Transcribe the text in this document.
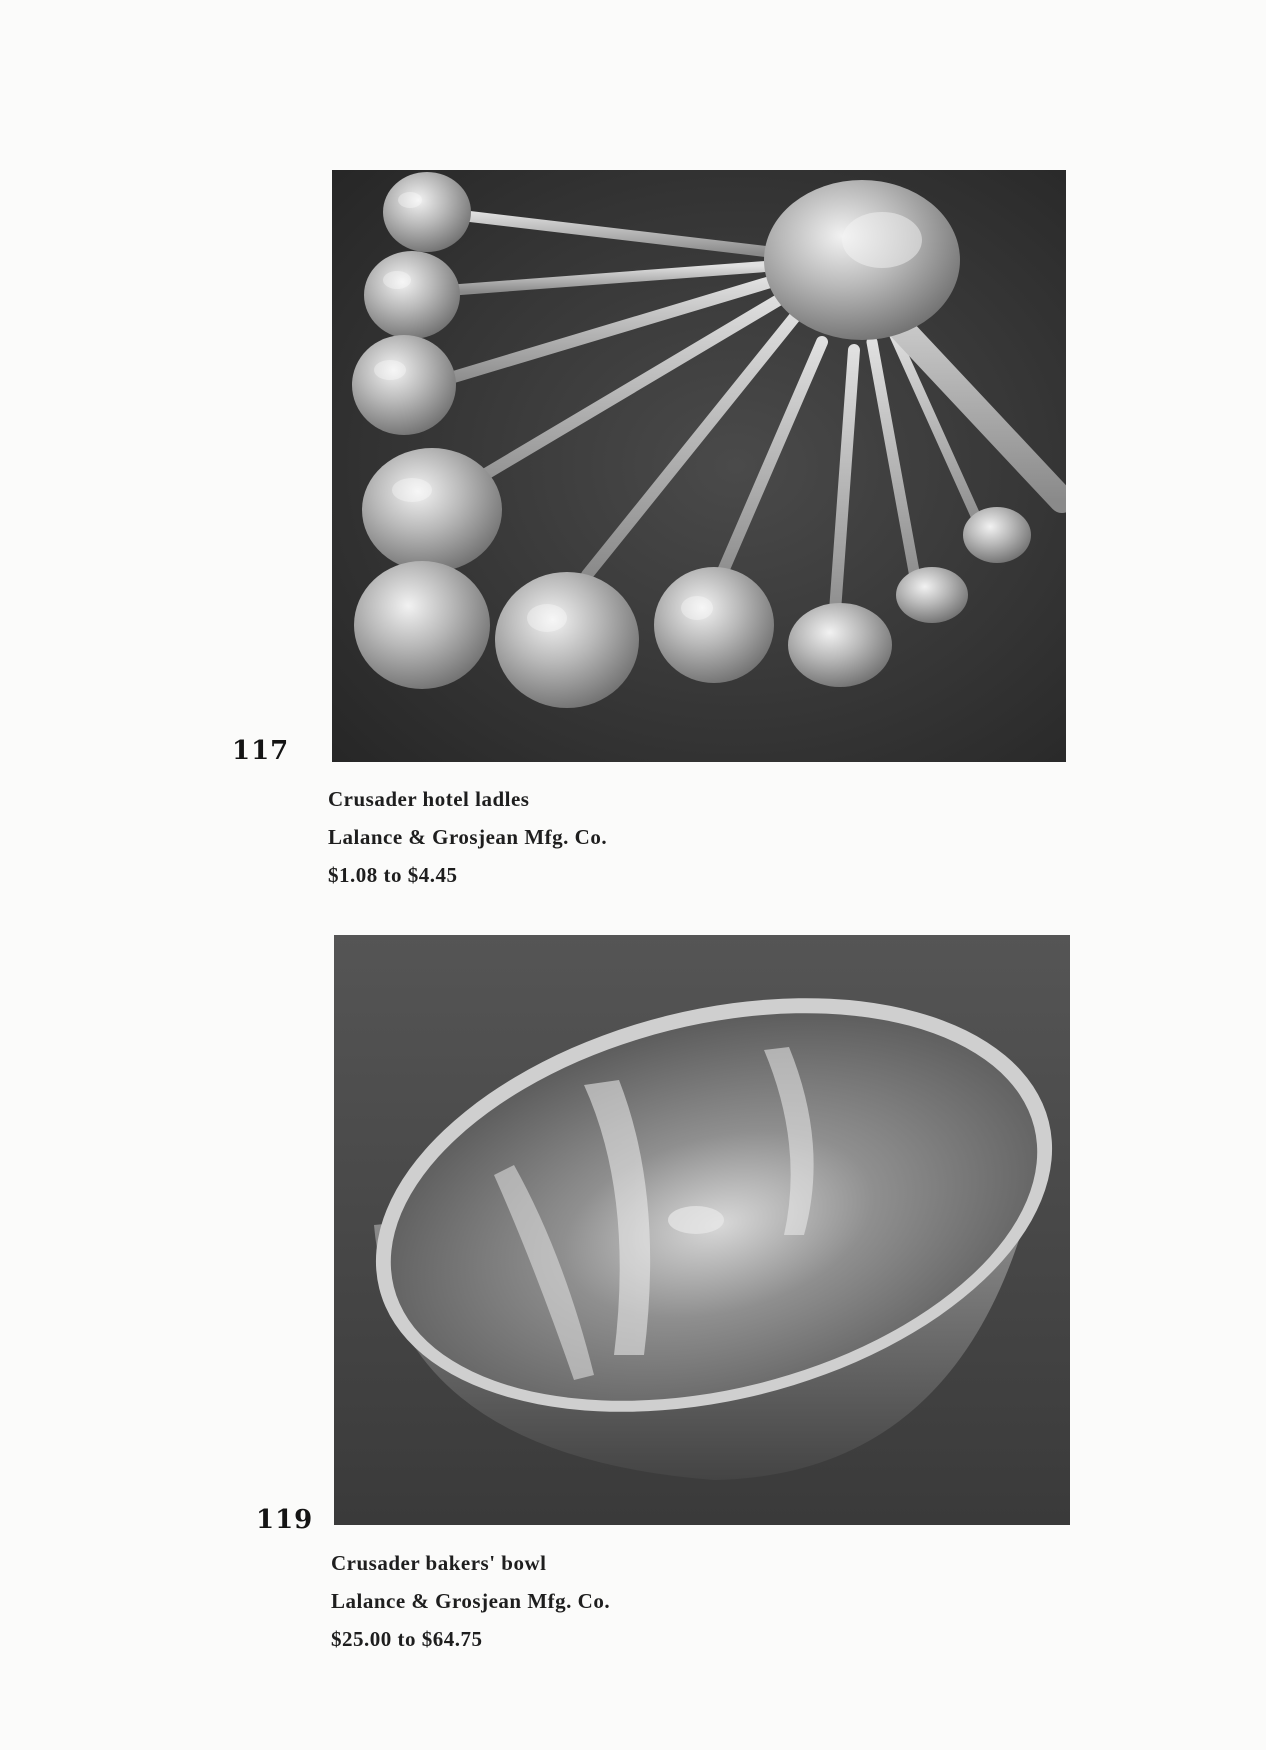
117
Crusader hotel ladles
Lalance & Grosjean Mfg. Co.
$1.08 to $4.45
119
Crusader bakers' bowl
Lalance & Grosjean Mfg. Co.
$25.00 to $64.75
